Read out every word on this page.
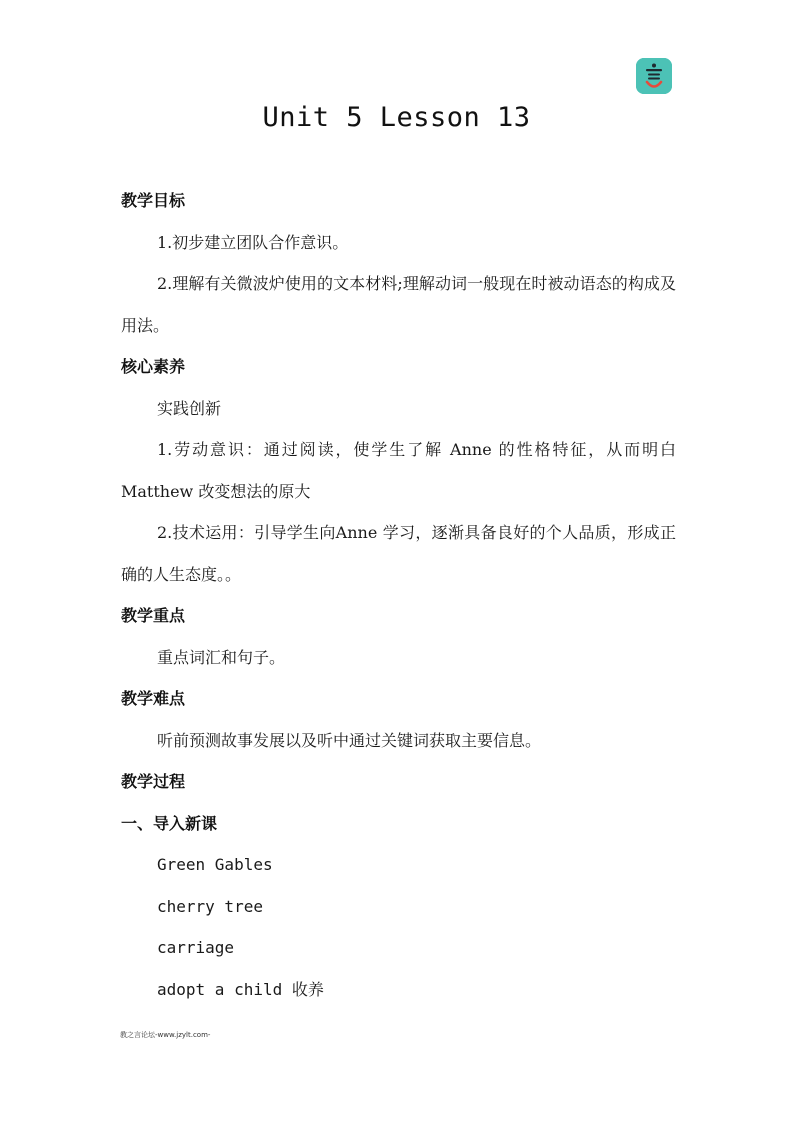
Unit 5 Lesson 13
教学目标
1.初步建立团队合作意识。
2.理解有关微波炉使用的文本材料;理解动词一般现在时被动语态的构成及用法。
核心素养
实践创新
1.劳动意识：通过阅读，使学生了解 Anne 的性格特征，从而明白 Matthew 改变想法的原大
2.技术运用：引导学生向Anne 学习，逐渐具备良好的个人品质，形成正确的人生态度。。
教学重点
重点词汇和句子。
教学难点
听前预测故事发展以及听中通过关键词获取主要信息。
教学过程
一、导入新课
Green Gables
cherry tree
carriage
adopt a child 收养
教之言论坛-www.jzylt.com-
